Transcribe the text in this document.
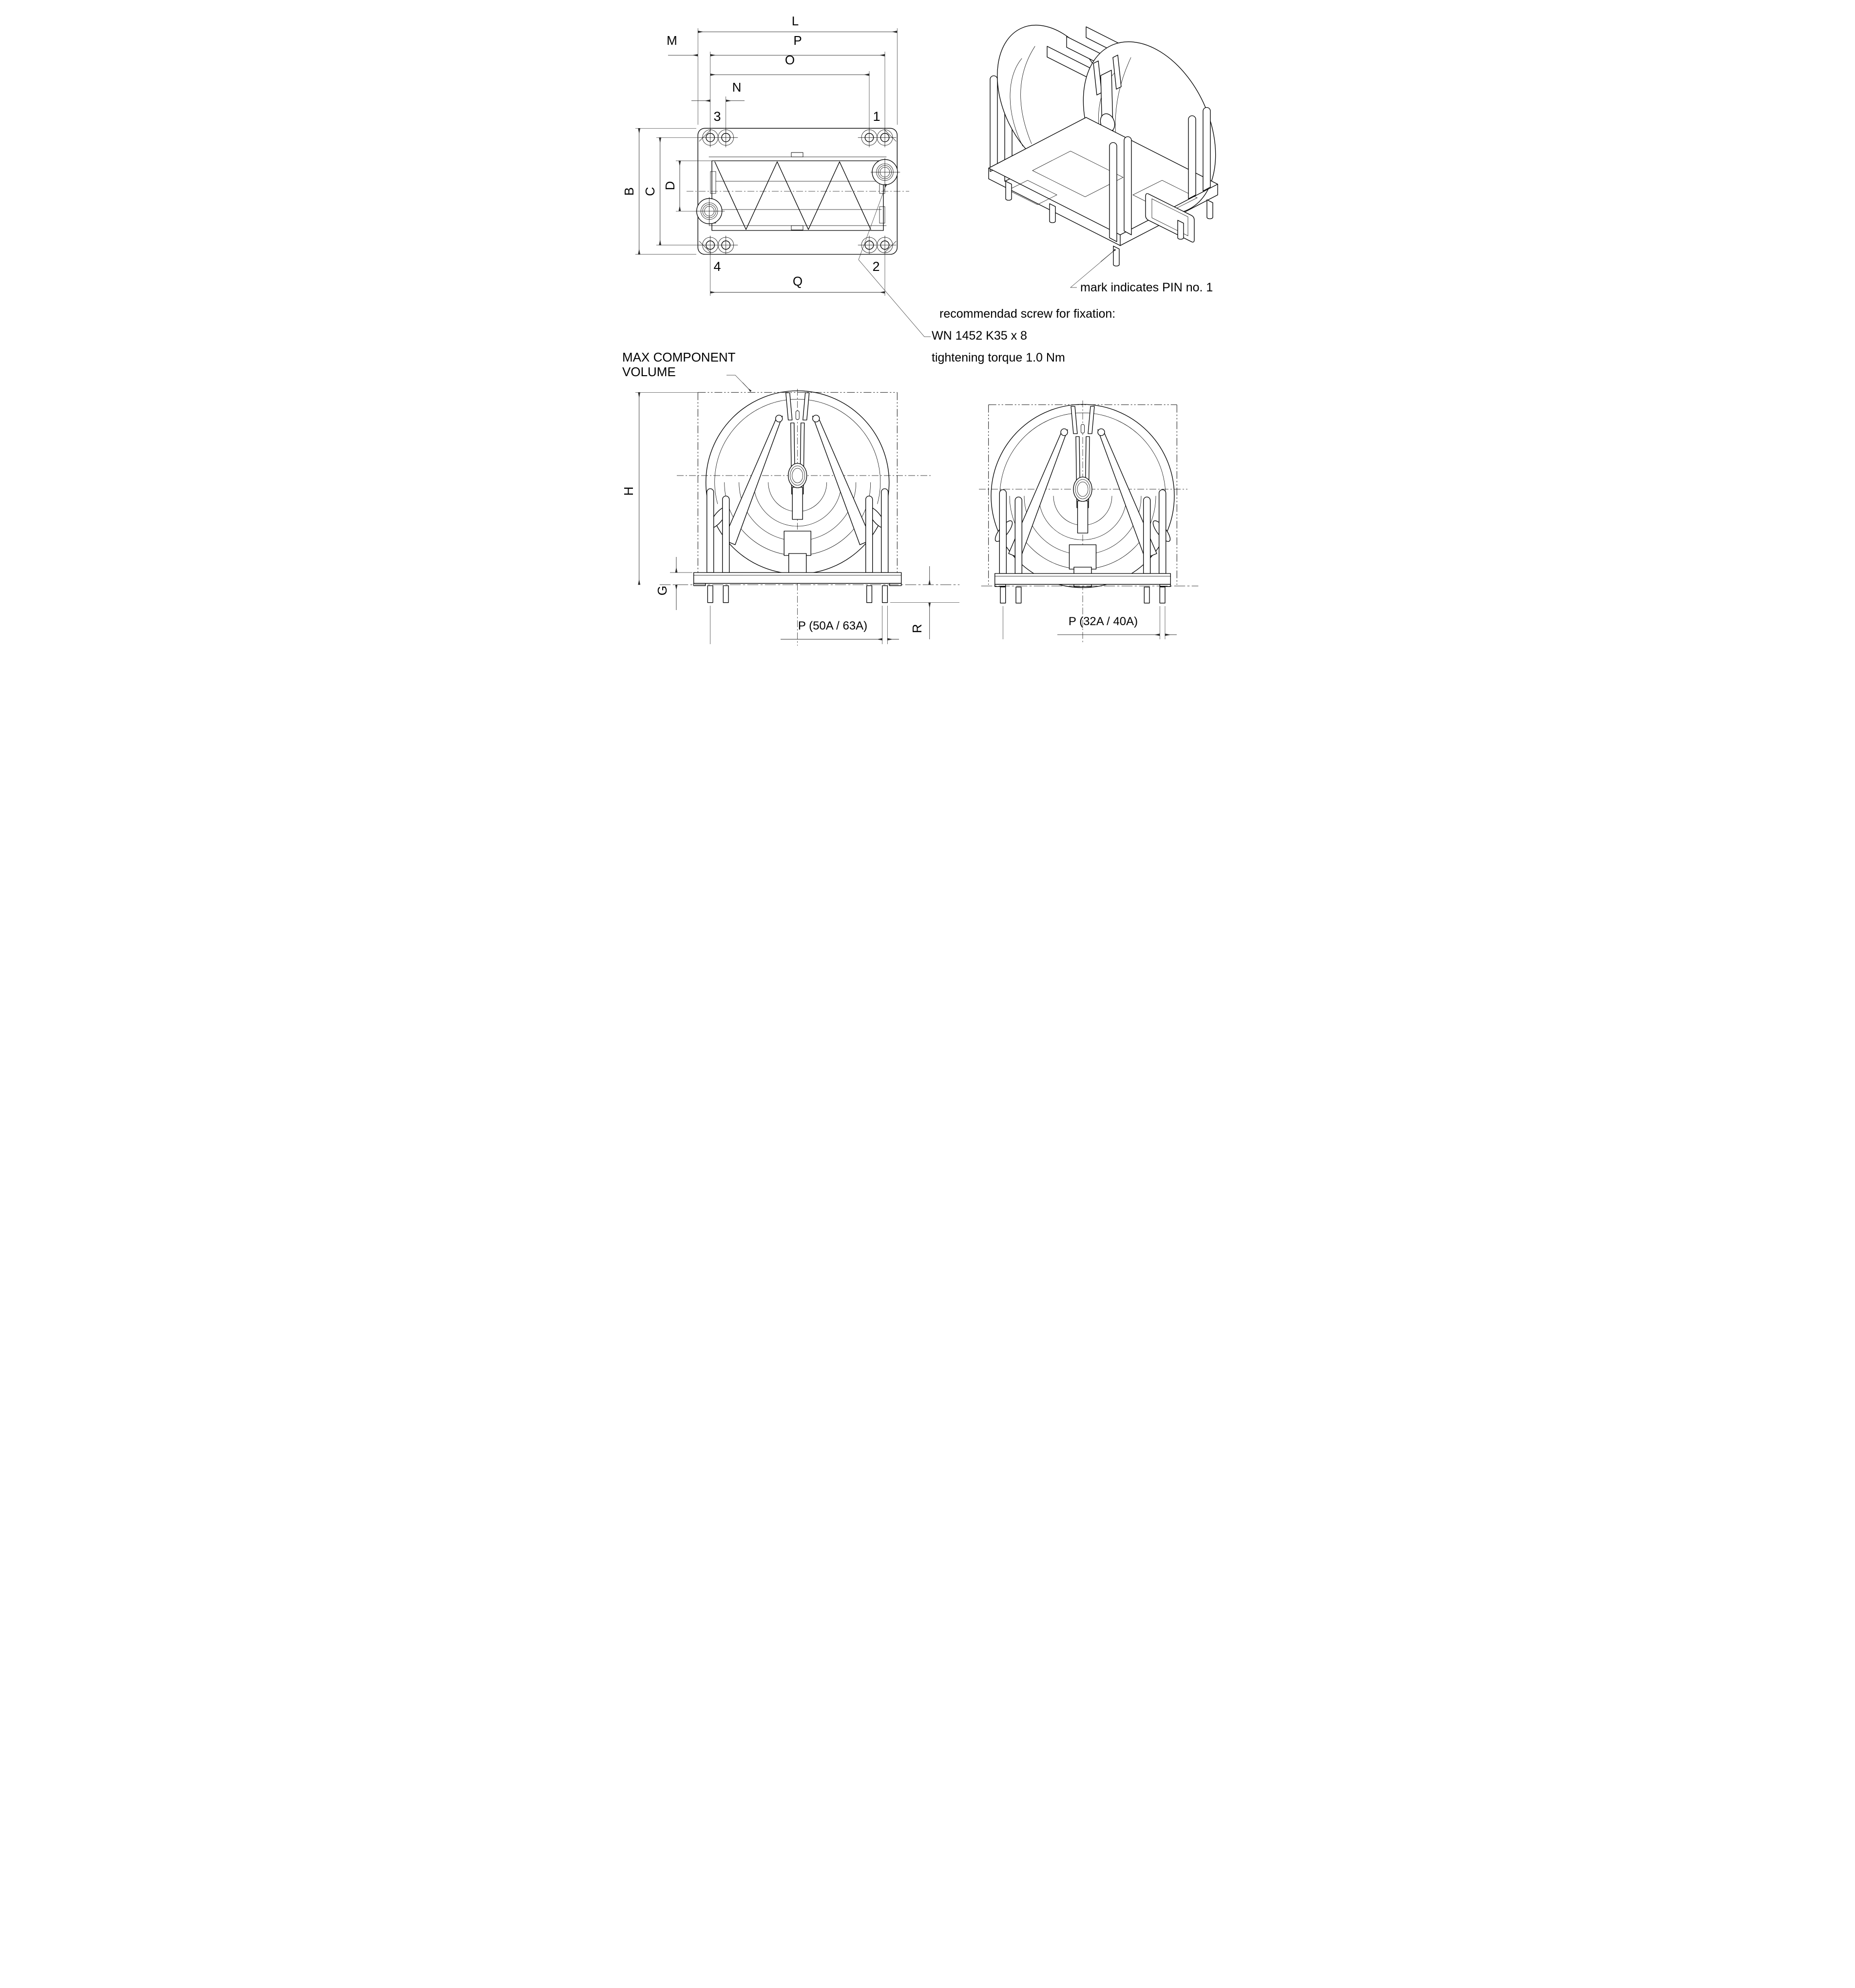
L
M	P
O
N
3	1
4	2
Q
B C
D
recommendad screw for fixation: WN 1452 K35 x 8 tightening torque 1.0 Nm
mark indicates PIN no. 1
MAX COMPONENT VOLUME
H
G
P (50A / 63A)	R
P (32A / 40A)
